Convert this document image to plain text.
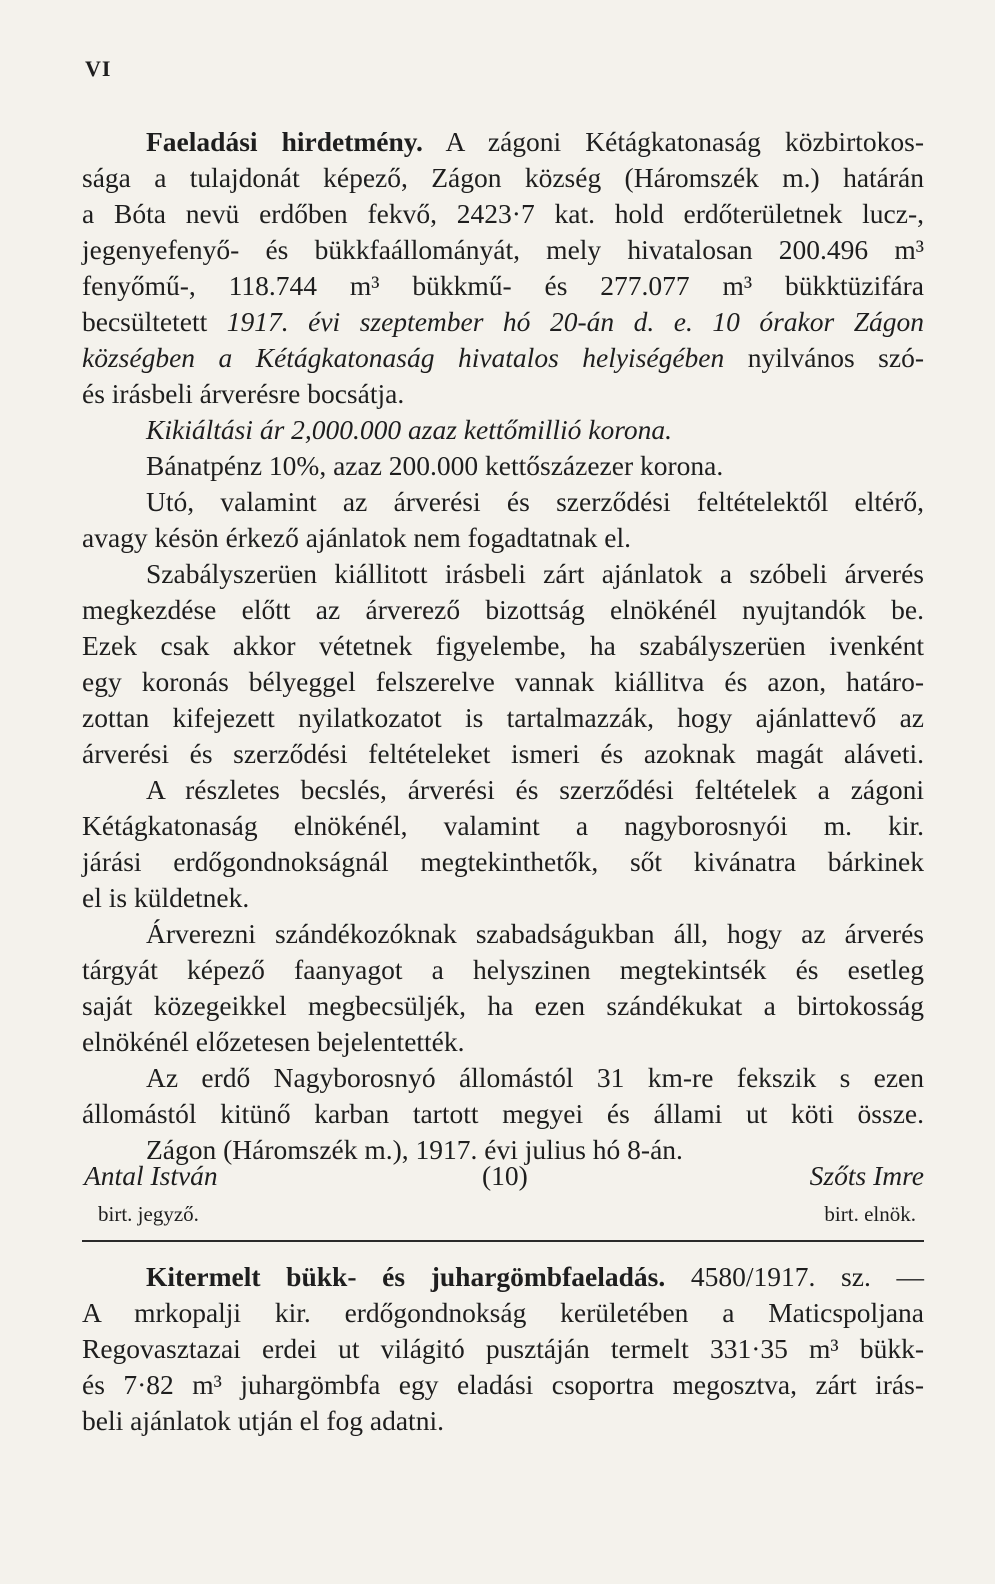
VI
Faeladási hirdetmény. A zágoni Kétágkatonaság közbirtokos-
sága a tulajdonát képező, Zágon község (Háromszék m.) határán
a Bóta nevü erdőben fekvő, 2423·7 kat. hold erdőterületnek lucz-,
jegenyefenyő- és bükkfaállományát, mely hivatalosan 200.496 m³
fenyőmű-, 118.744 m³ bükkmű- és 277.077 m³ bükktüzifára
becsültetett 1917. évi szeptember hó 20-án d. e. 10 órakor Zágon
községben a Kétágkatonaság hivatalos helyiségében nyilvános szó-
és irásbeli árverésre bocsátja.
Kikiáltási ár 2,000.000 azaz kettőmillió korona.
Bánatpénz 10%, azaz 200.000 kettőszázezer korona.
Utó, valamint az árverési és szerződési feltételektől eltérő,
avagy késön érkező ajánlatok nem fogadtatnak el.
Szabályszerüen kiállitott irásbeli zárt ajánlatok a szóbeli árverés
megkezdése előtt az árverező bizottság elnökénél nyujtandók be.
Ezek csak akkor vétetnek figyelembe, ha szabályszerüen ivenként
egy koronás bélyeggel felszerelve vannak kiállitva és azon, határo-
zottan kifejezett nyilatkozatot is tartalmazzák, hogy ajánlattevő az
árverési és szerződési feltételeket ismeri és azoknak magát aláveti.
A részletes becslés, árverési és szerződési feltételek a zágoni
Kétágkatonaság elnökénél, valamint a nagyborosnyói m. kir.
járási erdőgondnokságnál megtekinthetők, sőt kivánatra bárkinek
el is küldetnek.
Árverezni szándékozóknak szabadságukban áll, hogy az árverés
tárgyát képező faanyagot a helyszinen megtekintsék és esetleg
saját közegeikkel megbecsüljék, ha ezen szándékukat a birtokosság
elnökénél előzetesen bejelentették.
Az erdő Nagyborosnyó állomástól 31 km-re fekszik s ezen
állomástól kitünő karban tartott megyei és állami ut köti össze.
Zágon (Háromszék m.), 1917. évi julius hó 8-án.
Antal István	(10)	Szőts Imre
birt. jegyző.	birt. elnök.
Kitermelt bükk- és juhargömbfaeladás. 4580/1917. sz. —
A mrkopalji kir. erdőgondnokság kerületében a Maticspoljana
Regovasztazai erdei ut világitó pusztáján termelt 331·35 m³ bükk-
és 7·82 m³ juhargömbfa egy eladási csoportra megosztva, zárt irás-
beli ajánlatok utján el fog adatni.
